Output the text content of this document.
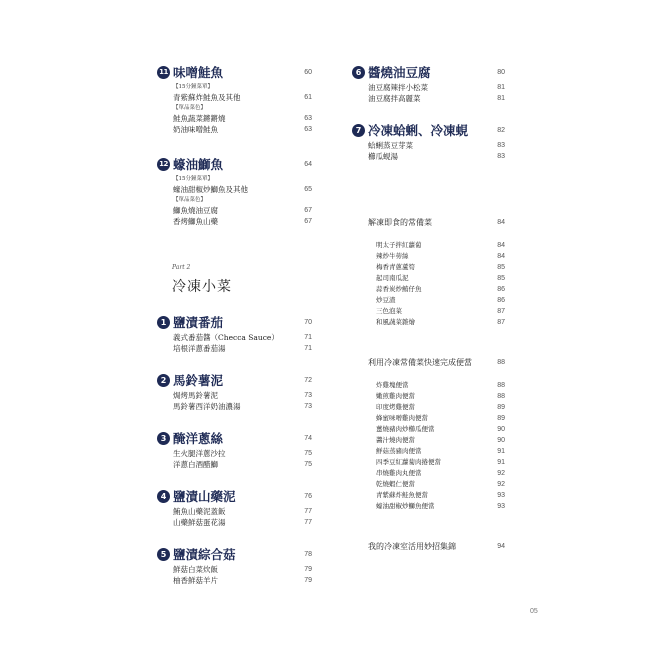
11 味噌鮭魚	60
【15分鐘菜單】
青紫蘇炸鮭魚及其他	61
【單品菜色】
鮭魚蔬菜鏘鏘燒	63
奶油味噌鮭魚	63
12 蠔油鰤魚	64
【15分鐘菜單】
蠔油甜椒炒鰤魚及其他	65
【單品菜色】
鰤魚燒油豆腐	67
香烤鰤魚山藥	67
Part 2
冷凍小菜
1 鹽漬番茄	70
義式番茄醬（Checca Sauce）	71
培根洋蔥番茄湯	71
2 馬鈴薯泥	72
焗烤馬鈴薯泥	73
馬鈴薯西洋奶油濃湯	73
3 醃洋蔥絲	74
生火腿洋蔥沙拉	75
洋蔥白酒醋鰤	75
4 鹽漬山藥泥	76
鮪魚山藥泥蓋飯	77
山藥鮮菇蛋花湯	77
5 鹽漬綜合菇	78
鮮菇白菜炊飯	79
柚香鮮菇羊片	79
6 醬燒油豆腐	80
油豆腐辣拌小松菜	81
油豆腐拌高麗菜	81
7 冷凍蛤蜊、冷凍蜆	82
蛤蜊蒸豆芽菜	83
櫛瓜蜆湯	83
解凍即食的常備菜	84
明太子拌紅蘿蔔	84
辣炒牛蒡絲	84
梅香青蔥蘆筍	85
起司南瓜泥	85
蒜香炭炒鮪仔魚	86
炒豆渣	86
三色泡菜	87
和風蔬菜雜燴	87
利用冷凍常備菜快速完成便當	88
炸雞塊便當	88
嫩煎雞肉便當	88
印度烤雞便當	89
蜂蜜味噌雞肉便當	89
薑燒豬肉炒櫛瓜便當	90
醬汁燒肉便當	90
鮮菇蒸豬肉便當	91
四季豆紅蘿蔔肉捲便當	91
串燒雞肉丸便當	92
乾燒蝦仁便當	92
青紫蘇炸鮭魚便當	93
蠔油甜椒炒鰤魚便當	93
我的冷凍室活用妙招集錦	94
05
